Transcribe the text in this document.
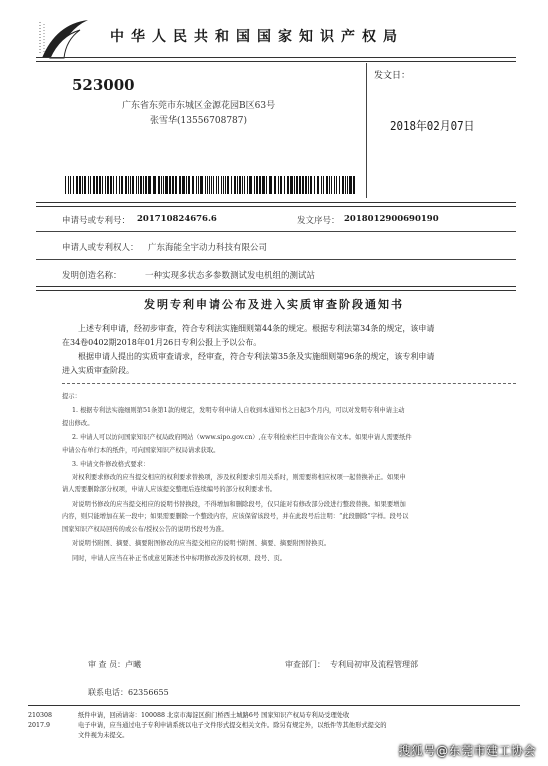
中华人民共和国国家知识产权局
523000
广东省东莞市东城区金源花园B区63号
张雪华(13556708787)
发文日：
2018年02月07日
申请号或专利号： 201710824676.6	发文序号： 2018012900690190
申请人或专利权人： 广东海能全宇动力科技有限公司
发明创造名称：	一种实现多状态多参数测试发电机组的测试站
发明专利申请公布及进入实质审查阶段通知书
上述专利申请，经初步审查，符合专利法实施细则第44条的规定。根据专利法第34条的规定，该申请
在34卷0402期2018年01月26日专利公报上予以公布。
根据申请人提出的实质审查请求，经审查，符合专利法第35条及实施细则第96条的规定，该专利申请
进入实质审查阶段。
提示：
1. 根据专利法实施细则第51条第1款的规定，发明专利申请人自收到本通知书之日起3个月内，可以对发明专利申请主动
提出修改。
2. 申请人可以访问国家知识产权局政府网站（www.sipo.gov.cn）,在专利检索栏目中查询公布文本。如果申请人需要纸件
申请公布单行本的纸件，可向国家知识产权局请求获取。
3. 申请文件修改格式要求：
对权利要求修改的应当提交相应的权利要求替换项，涉及权利要求引用关系时，则需要将相应权项一起替换补正。如果申
请人需要删除部分权项，申请人应该提交整理后连续编号的部分权利要求书。
对说明书修改的应当提交相应的说明书替换段，不得增加和删除段号，仅只能对有修改部分段进行整段替换。如果要增加
内容，则只能增加在某一段中；如果需要删除一个整段内容，应该保留该段号，并在此段号后注明：“此段删除”字样。段号以
国家知识产权局回传的或公布/授权公告的说明书段号为准。
对说明书附图、摘要、摘要附图修改的应当提交相应的说明书附图、摘要、摘要附图替换页。
同时，申请人应当在补正书或意见陈述书中标明修改涉及的权项、段号、页。
审 查 员：卢曦	审查部门： 专利局初审及流程管理部
联系电话：62356655
210308
2017.9
纸件申请，回函请寄：100088 北京市海淀区蓟门桥西土城路6号 国家知识产权局专利局受理处收
电子申请，应当通过电子专利申请系统以电子文件形式提交相关文件。除另有规定外，以纸件等其他形式提交的
文件视为未提交。
搜狐号@东莞市建工协会
